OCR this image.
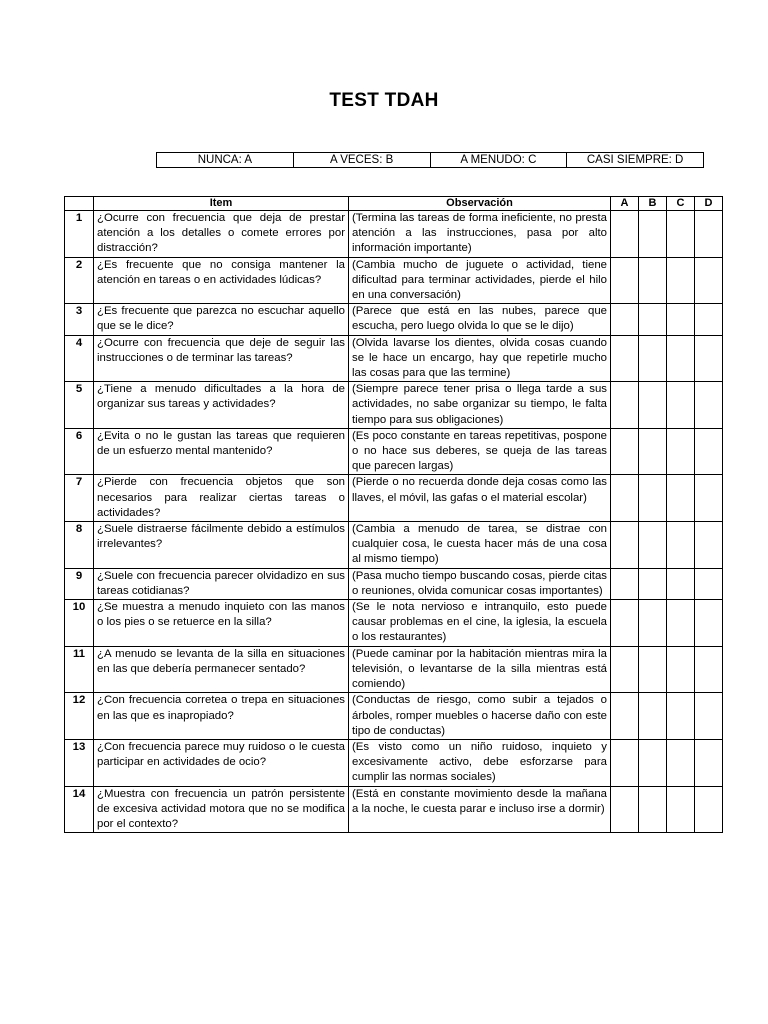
TEST TDAH
NUNCA: A	A VECES: B	A MENUDO: C	CASI SIEMPRE: D
	Item	Observación	A	B	C	D
1	¿Ocurre con frecuencia que deja de prestar atención a los detalles o comete errores por distracción?	(Termina las tareas de forma ineficiente, no presta atención a las instrucciones, pasa por alto información importante)				
2	¿Es frecuente que no consiga mantener la atención en tareas o en actividades lúdicas?	(Cambia mucho de juguete o actividad, tiene dificultad para terminar actividades, pierde el hilo en una conversación)				
3	¿Es frecuente que parezca no escuchar aquello que se le dice?	(Parece que está en las nubes, parece que escucha, pero luego olvida lo que se le dijo)				
4	¿Ocurre con frecuencia que deje de seguir las instrucciones o de terminar las tareas?	(Olvida lavarse los dientes, olvida cosas cuando se le hace un encargo, hay que repetirle mucho las cosas para que las termine)				
5	¿Tiene a menudo dificultades a la hora de organizar sus tareas y actividades?	(Siempre parece tener prisa o llega tarde a sus actividades, no sabe organizar su tiempo, le falta tiempo para sus obligaciones)				
6	¿Evita o no le gustan las tareas que requieren de un esfuerzo mental mantenido?	(Es poco constante en tareas repetitivas, pospone o no hace sus deberes, se queja de las tareas que parecen largas)				
7	¿Pierde con frecuencia objetos que son necesarios para realizar ciertas tareas o actividades?	(Pierde o no recuerda donde deja cosas como las llaves, el móvil, las gafas o el material escolar)				
8	¿Suele distraerse fácilmente debido a estímulos irrelevantes?	(Cambia a menudo de tarea, se distrae con cualquier cosa, le cuesta hacer más de una cosa al mismo tiempo)				
9	¿Suele con frecuencia parecer olvidadizo en sus tareas cotidianas?	(Pasa mucho tiempo buscando cosas, pierde citas o reuniones, olvida comunicar cosas importantes)				
10	¿Se muestra a menudo inquieto con las manos o los pies o se retuerce en la silla?	(Se le nota nervioso e intranquilo, esto puede causar problemas en el cine, la iglesia, la escuela o los restaurantes)				
11	¿A menudo se levanta de la silla en situaciones en las que debería permanecer sentado?	(Puede caminar por la habitación mientras mira la televisión, o levantarse de la silla mientras está comiendo)				
12	¿Con frecuencia corretea o trepa en situaciones en las que es inapropiado?	(Conductas de riesgo, como subir a tejados o árboles, romper muebles o hacerse daño con este tipo de conductas)				
13	¿Con frecuencia parece muy ruidoso o le cuesta participar en actividades de ocio?	(Es visto como un niño ruidoso, inquieto y excesivamente activo, debe esforzarse para cumplir las normas sociales)				
14	¿Muestra con frecuencia un patrón persistente de excesiva actividad motora que no se modifica por el contexto?	(Está en constante movimiento desde la mañana a la noche, le cuesta parar e incluso irse a dormir)				
